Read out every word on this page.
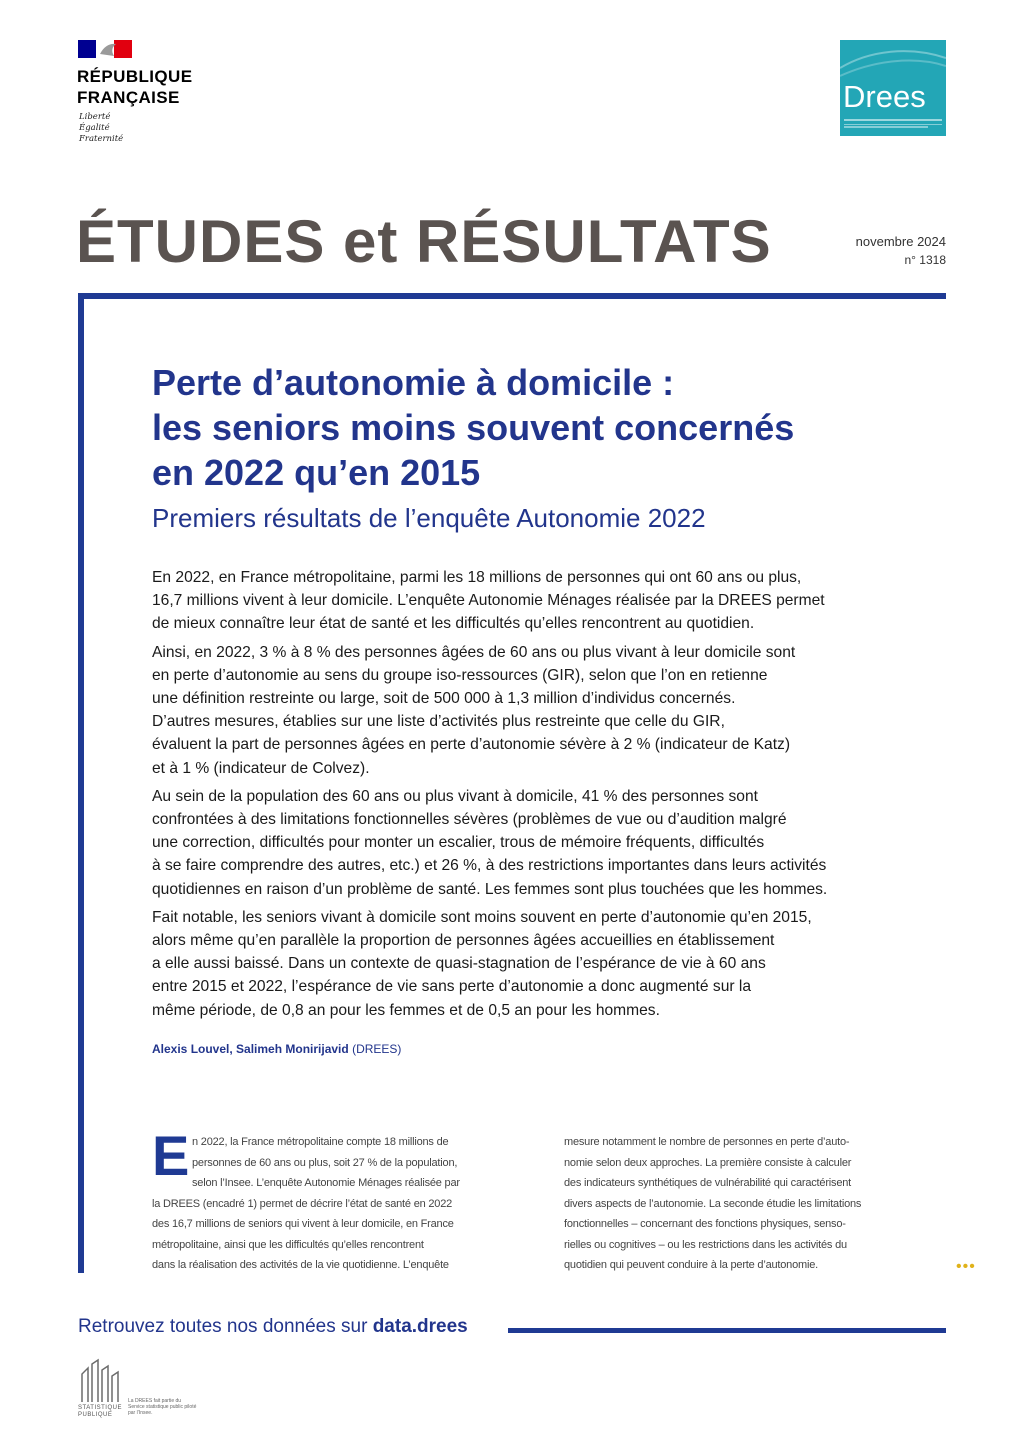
RÉPUBLIQUE
FRANÇAISE
Liberté
Égalité
Fraternité
Drees
ÉTUDES et RÉSULTATS	novembre 2024
n° 1318
Perte d’autonomie à domicile :
les seniors moins souvent concernés
en 2022 qu’en 2015
Premiers résultats de l’enquête Autonomie 2022

En 2022, en France métropolitaine, parmi les 18 millions de personnes qui ont 60 ans ou plus,
16,7 millions vivent à leur domicile. L’enquête Autonomie Ménages réalisée par la DREES permet
de mieux connaître leur état de santé et les difficultés qu’elles rencontrent au quotidien.

Ainsi, en 2022, 3 % à 8 % des personnes âgées de 60 ans ou plus vivant à leur domicile sont
en perte d’autonomie au sens du groupe iso-ressources (GIR), selon que l’on en retienne
une définition restreinte ou large, soit de 500 000 à 1,3 million d’individus concernés.
D’autres mesures, établies sur une liste d’activités plus restreinte que celle du GIR,
évaluent la part de personnes âgées en perte d’autonomie sévère à 2 % (indicateur de Katz)
et à 1 % (indicateur de Colvez).

Au sein de la population des 60 ans ou plus vivant à domicile, 41 % des personnes sont
confrontées à des limitations fonctionnelles sévères (problèmes de vue ou d’audition malgré
une correction, difficultés pour monter un escalier, trous de mémoire fréquents, difficultés
à se faire comprendre des autres, etc.) et 26 %, à des restrictions importantes dans leurs activités
quotidiennes en raison d’un problème de santé. Les femmes sont plus touchées que les hommes.

Fait notable, les seniors vivant à domicile sont moins souvent en perte d’autonomie qu’en 2015,
alors même qu’en parallèle la proportion de personnes âgées accueillies en établissement
a elle aussi baissé. Dans un contexte de quasi-stagnation de l’espérance de vie à 60 ans
entre 2015 et 2022, l’espérance de vie sans perte d’autonomie a donc augmenté sur la
même période, de 0,8 an pour les femmes et de 0,5 an pour les hommes.

Alexis Louvel, Salimeh Monirijavid (DREES)
E n 2022, la France métropolitaine compte 18 millions de
personnes de 60 ans ou plus, soit 27 % de la population,
selon l’Insee. L’enquête Autonomie Ménages réalisée par
la DREES (encadré 1) permet de décrire l’état de santé en 2022
des 16,7 millions de seniors qui vivent à leur domicile, en France
métropolitaine, ainsi que les difficultés qu’elles rencontrent
dans la réalisation des activités de la vie quotidienne. L’enquête
mesure notamment le nombre de personnes en perte d’auto-
nomie selon deux approches. La première consiste à calculer
des indicateurs synthétiques de vulnérabilité qui caractérisent
divers aspects de l’autonomie. La seconde étudie les limitations
fonctionnelles – concernant des fonctions physiques, senso-
rielles ou cognitives – ou les restrictions dans les activités du
quotidien qui peuvent conduire à la perte d’autonomie.	•••
Retrouvez toutes nos données sur data.drees
STATISTIQUE
PUBLIQUE
La DREES fait partie du Service statistique public piloté par l’Insee.
